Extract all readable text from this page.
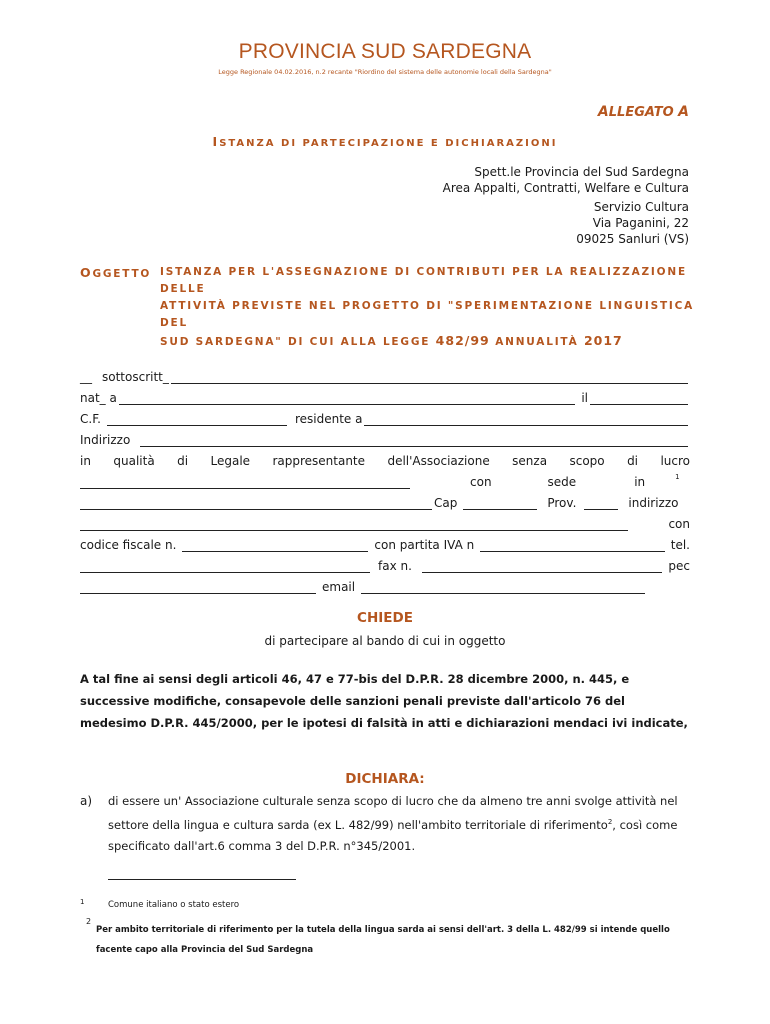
PROVINCIA SUD SARDEGNA
Legge Regionale 04.02.2016, n.2 recante "Riordino del sistema delle autonomie locali della Sardegna"
ALLEGATO A
ISTANZA DI PARTECIPAZIONE E DICHIARAZIONI
Spett.le Provincia del Sud Sardegna
Area Appalti, Contratti, Welfare e Cultura
Servizio Cultura
Via Paganini, 22
09025 Sanluri (VS)
OGGETTO ISTANZA PER L'ASSEGNAZIONE DI CONTRIBUTI PER LA REALIZZAZIONE DELLE
ATTIVITÀ PREVISTE NEL PROGETTO DI "SPERIMENTAZIONE LINGUISTICA DEL
SUD SARDEGNA" DI CUI ALLA LEGGE 482/99 ANNUALITÀ 2017
__ sottoscritt_
nat_ a	il
C.F.	residente a
Indirizzo
in qualità di Legale rappresentante dell'Associazione senza scopo di lucro
con	sede	in	$^1$
Cap	Prov.	indirizzo
con
codice fiscale n.	con partita IVA n	tel.
fax n.	pec
email
CHIEDE
di partecipare al bando di cui in oggetto
A tal fine ai sensi degli articoli 46, 47 e 77-bis del D.P.R. 28 dicembre 2000, n. 445, e successive modifiche, consapevole delle sanzioni penali previste dall'articolo 76 del medesimo D.P.R. 445/2000, per le ipotesi di falsità in atti e dichiarazioni mendaci ivi indicate,
DICHIARA:
a) di essere un' Associazione culturale senza scopo di lucro che da almeno tre anni svolge attività nel settore della lingua e cultura sarda (ex L. 482/99) nell'ambito territoriale di riferimento$^2$, così come specificato dall'art.6 comma 3 del D.P.R. n°345/2001.
1	Comune italiano o stato estero
2
Per ambito territoriale di riferimento per la tutela della lingua sarda ai sensi dell'art. 3 della L. 482/99 si intende quello facente capo alla Provincia del Sud Sardegna
